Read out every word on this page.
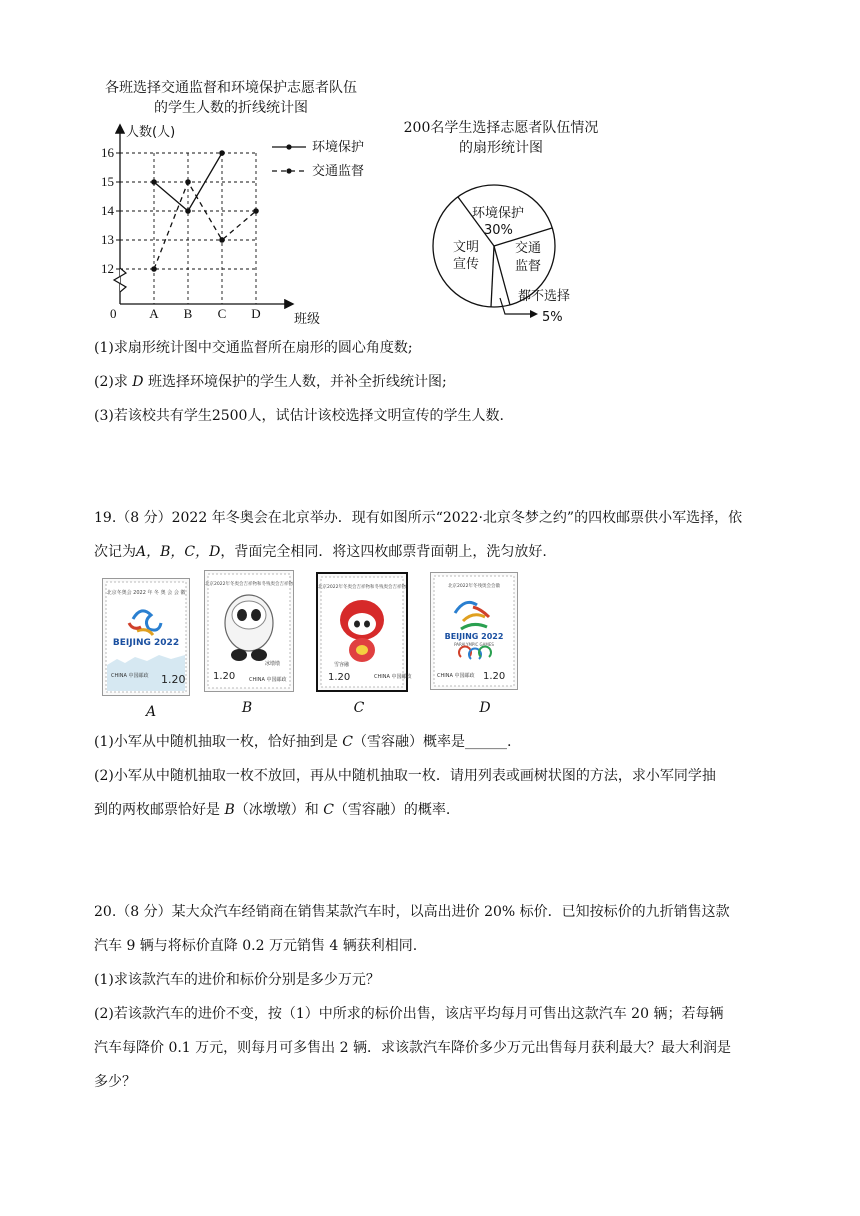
各班选择交通监督和环境保护志愿者队伍
的学生人数的折线统计图
人数(人)
班级
0
12
13
14
15
16
A B C D
环境保护
交通监督
200名学生选择志愿者队伍情况
的扇形统计图
环境保护
30%
交通
监督
文明
宣传
都不选择
5%
(1)求扇形统计图中交通监督所在扇形的圆心角度数;
(2)求 D 班选择环境保护的学生人数，并补全折线统计图;
(3)若该校共有学生2500人，试估计该校选择文明宣传的学生人数.
19.（8 分）2022 年冬奥会在北京举办．现有如图所示“2022·北京冬梦之约”的四枚邮票供小军选择，依
次记为A，B，C，D，背面完全相同．将这四枚邮票背面朝上，洗匀放好.
北京冬奥会 2022 年 冬 奥 会 会 徽
BEIJING 2022
CHINA 中国邮政 1.20
A
北京2022年冬奥会吉祥物和冬残奥会吉祥物
冰墩墩
1.20	CHINA 中国邮政
B
北京2022年冬奥会吉祥物和冬残奥会吉祥物
雪容融
1.20	CHINA 中国邮政
C
北京2022年冬残奥会会徽
BEIJING 2022
PARALYMPIC GAMES
CHINA 中国邮政 1.20
D
(1)小军从中随机抽取一枚，恰好抽到是 C（雪容融）概率是______.
(2)小军从中随机抽取一枚不放回，再从中随机抽取一枚．请用列表或画树状图的方法，求小军同学抽
到的两枚邮票恰好是 B（冰墩墩）和 C（雪容融）的概率.
20.（8 分）某大众汽车经销商在销售某款汽车时，以高出进价 20% 标价．已知按标价的九折销售这款
汽车 9 辆与将标价直降 0.2 万元销售 4 辆获利相同.
(1)求该款汽车的进价和标价分别是多少万元？
(2)若该款汽车的进价不变，按（1）中所求的标价出售，该店平均每月可售出这款汽车 20 辆；若每辆
汽车每降价 0.1 万元，则每月可多售出 2 辆．求该款汽车降价多少万元出售每月获利最大？最大利润是
多少？
